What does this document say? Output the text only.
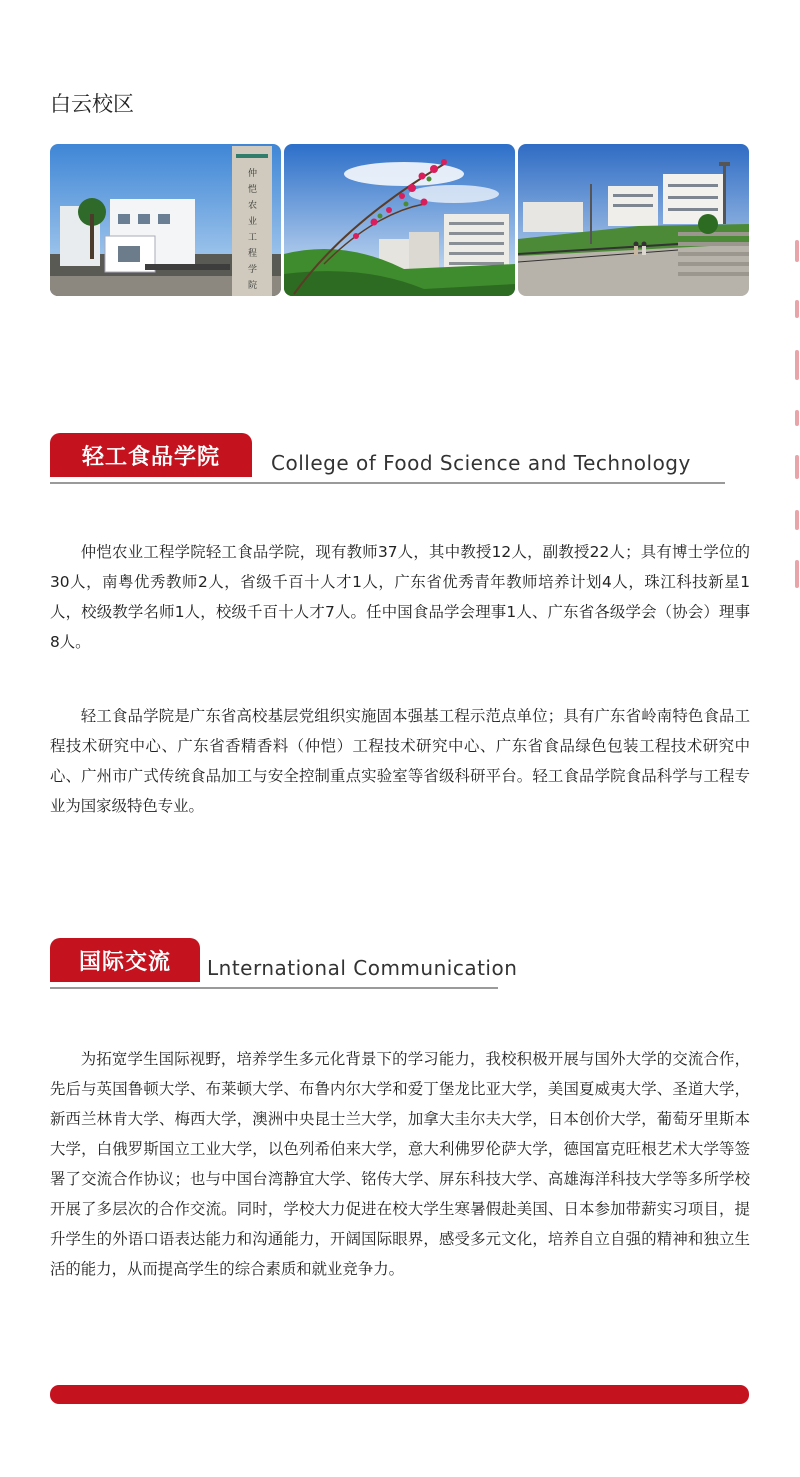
白云校区
仲
恺
农
业
工
程
学
院
轻工食品学院	College of Food Science and Technology

仲恺农业工程学院轻工食品学院，现有教师37人，其中教授12人，副教授22人；具有博士学位的30人，南粤优秀教师2人，省级千百十人才1人，广东省优秀青年教师培养计划4人，珠江科技新星1人，校级教学名师1人，校级千百十人才7人。任中国食品学会理事1人、广东省各级学会（协会）理事8人。

轻工食品学院是广东省高校基层党组织实施固本强基工程示范点单位；具有广东省岭南特色食品工程技术研究中心、广东省香精香料（仲恺）工程技术研究中心、广东省食品绿色包装工程技术研究中心、广州市广式传统食品加工与安全控制重点实验室等省级科研平台。轻工食品学院食品科学与工程专业为国家级特色专业。

国际交流	Lnternational Communication

为拓宽学生国际视野，培养学生多元化背景下的学习能力，我校积极开展与国外大学的交流合作，先后与英国鲁顿大学、布莱顿大学、布鲁内尔大学和爱丁堡龙比亚大学，美国夏威夷大学、圣道大学，新西兰林肯大学、梅西大学，澳洲中央昆士兰大学，加拿大圭尔夫大学，日本创价大学，葡萄牙里斯本大学，白俄罗斯国立工业大学，以色列希伯来大学，意大利佛罗伦萨大学，德国富克旺根艺术大学等签署了交流合作协议；也与中国台湾静宜大学、铭传大学、屏东科技大学、高雄海洋科技大学等多所学校开展了多层次的合作交流。同时，学校大力促进在校大学生寒暑假赴美国、日本参加带薪实习项目，提升学生的外语口语表达能力和沟通能力，开阔国际眼界，感受多元文化，培养自立自强的精神和独立生活的能力，从而提高学生的综合素质和就业竞争力。
